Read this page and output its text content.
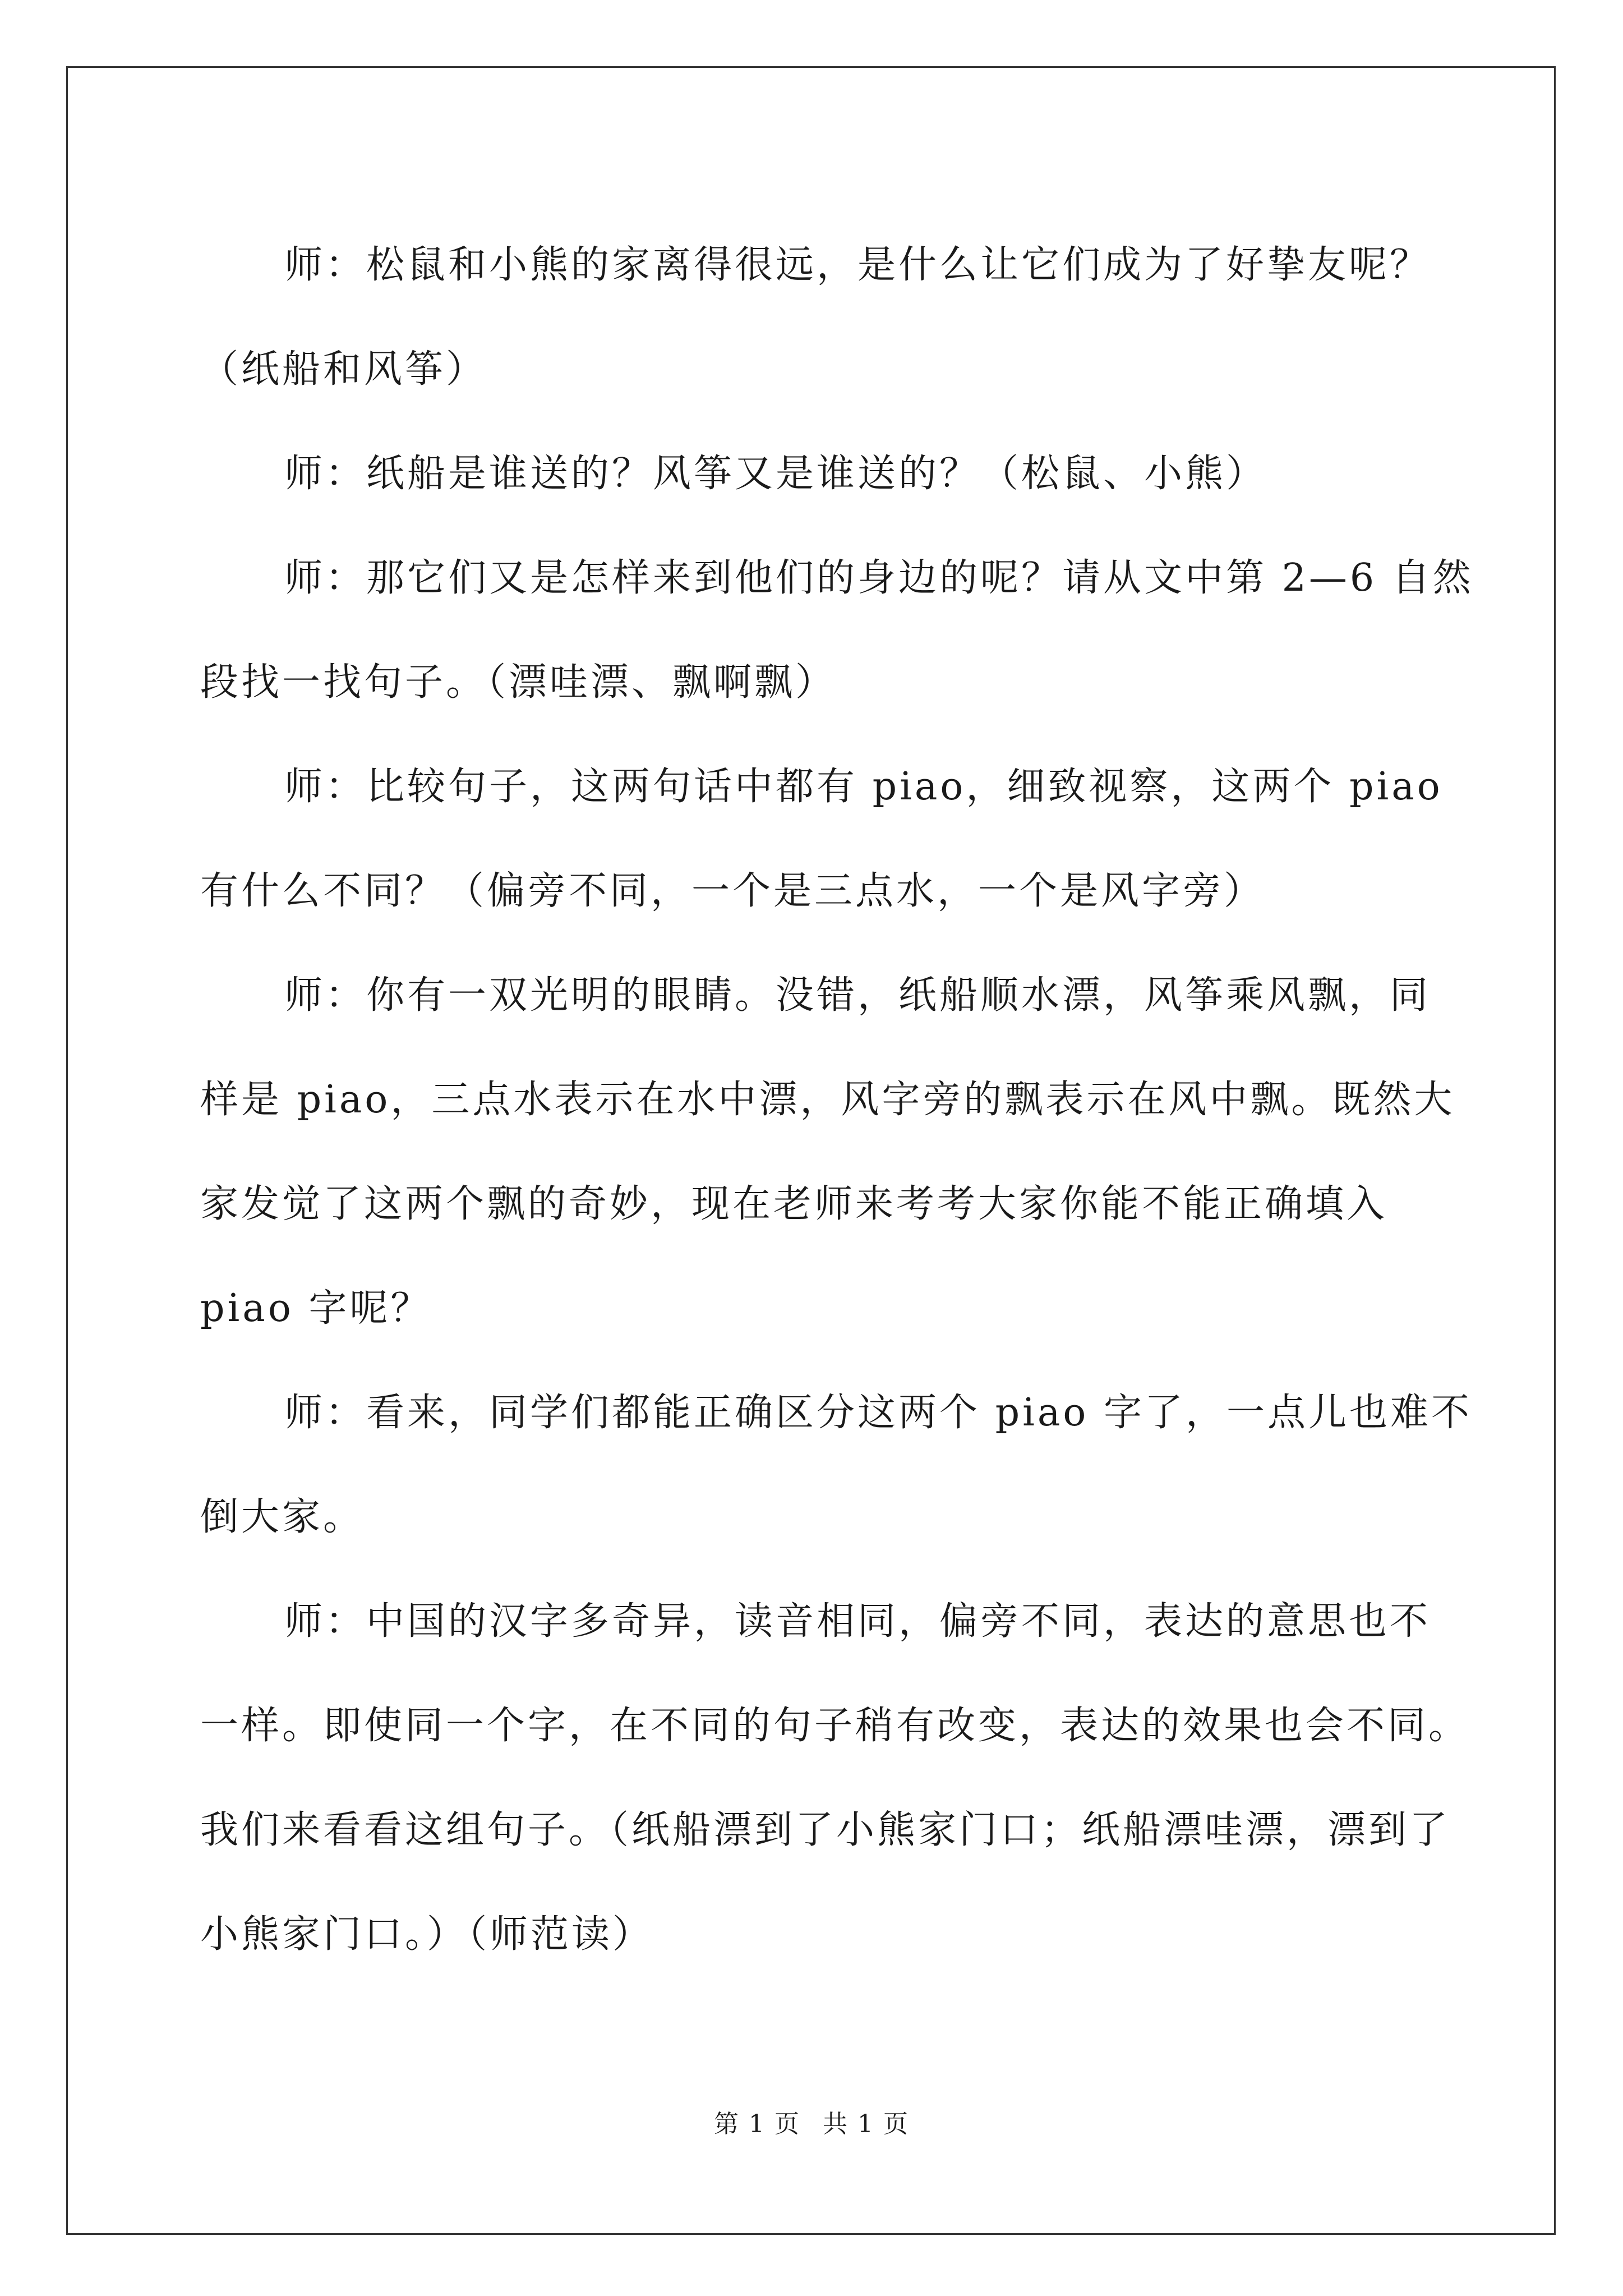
师：松鼠和小熊的家离得很远，是什么让它们成为了好挚友呢？
（纸船和风筝）

师：纸船是谁送的？风筝又是谁送的？（松鼠、小熊）

师：那它们又是怎样来到他们的身边的呢？请从文中第 2—6 自然
段找一找句子。（漂哇漂、飘啊飘）

师：比较句子，这两句话中都有 piao，细致视察，这两个 piao
有什么不同？（偏旁不同，一个是三点水，一个是风字旁）

师：你有一双光明的眼睛。没错，纸船顺水漂，风筝乘风飘，同
样是 piao，三点水表示在水中漂，风字旁的飘表示在风中飘。既然大
家发觉了这两个飘的奇妙，现在老师来考考大家你能不能正确填入
piao 字呢？

师：看来，同学们都能正确区分这两个 piao 字了，一点儿也难不
倒大家。

师：中国的汉字多奇异，读音相同，偏旁不同，表达的意思也不
一样。即使同一个字，在不同的句子稍有改变，表达的效果也会不同。
我们来看看这组句子。（纸船漂到了小熊家门口；纸船漂哇漂，漂到了
小熊家门口。）（师范读）

第 1 页 共 1 页
